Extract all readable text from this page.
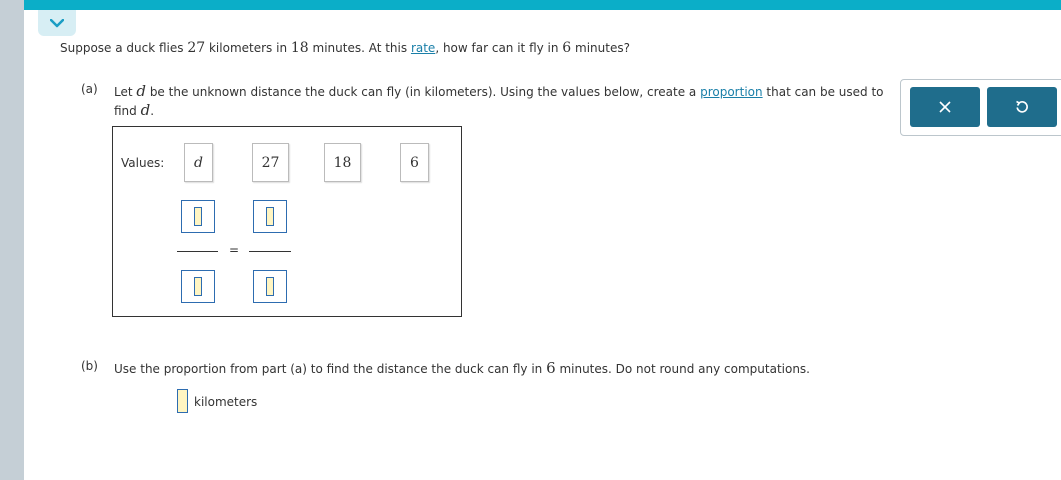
Suppose a duck flies 27 kilometers in 18 minutes. At this rate, how far can it fly in 6 minutes?
(a) Let d be the unknown distance the duck can fly (in kilometers). Using the values below, create a proportion that can be used to find d.
Values:	d	27	18	6
=
(b) Use the proportion from part (a) to find the distance the duck can fly in 6 minutes. Do not round any computations.
kilometers
